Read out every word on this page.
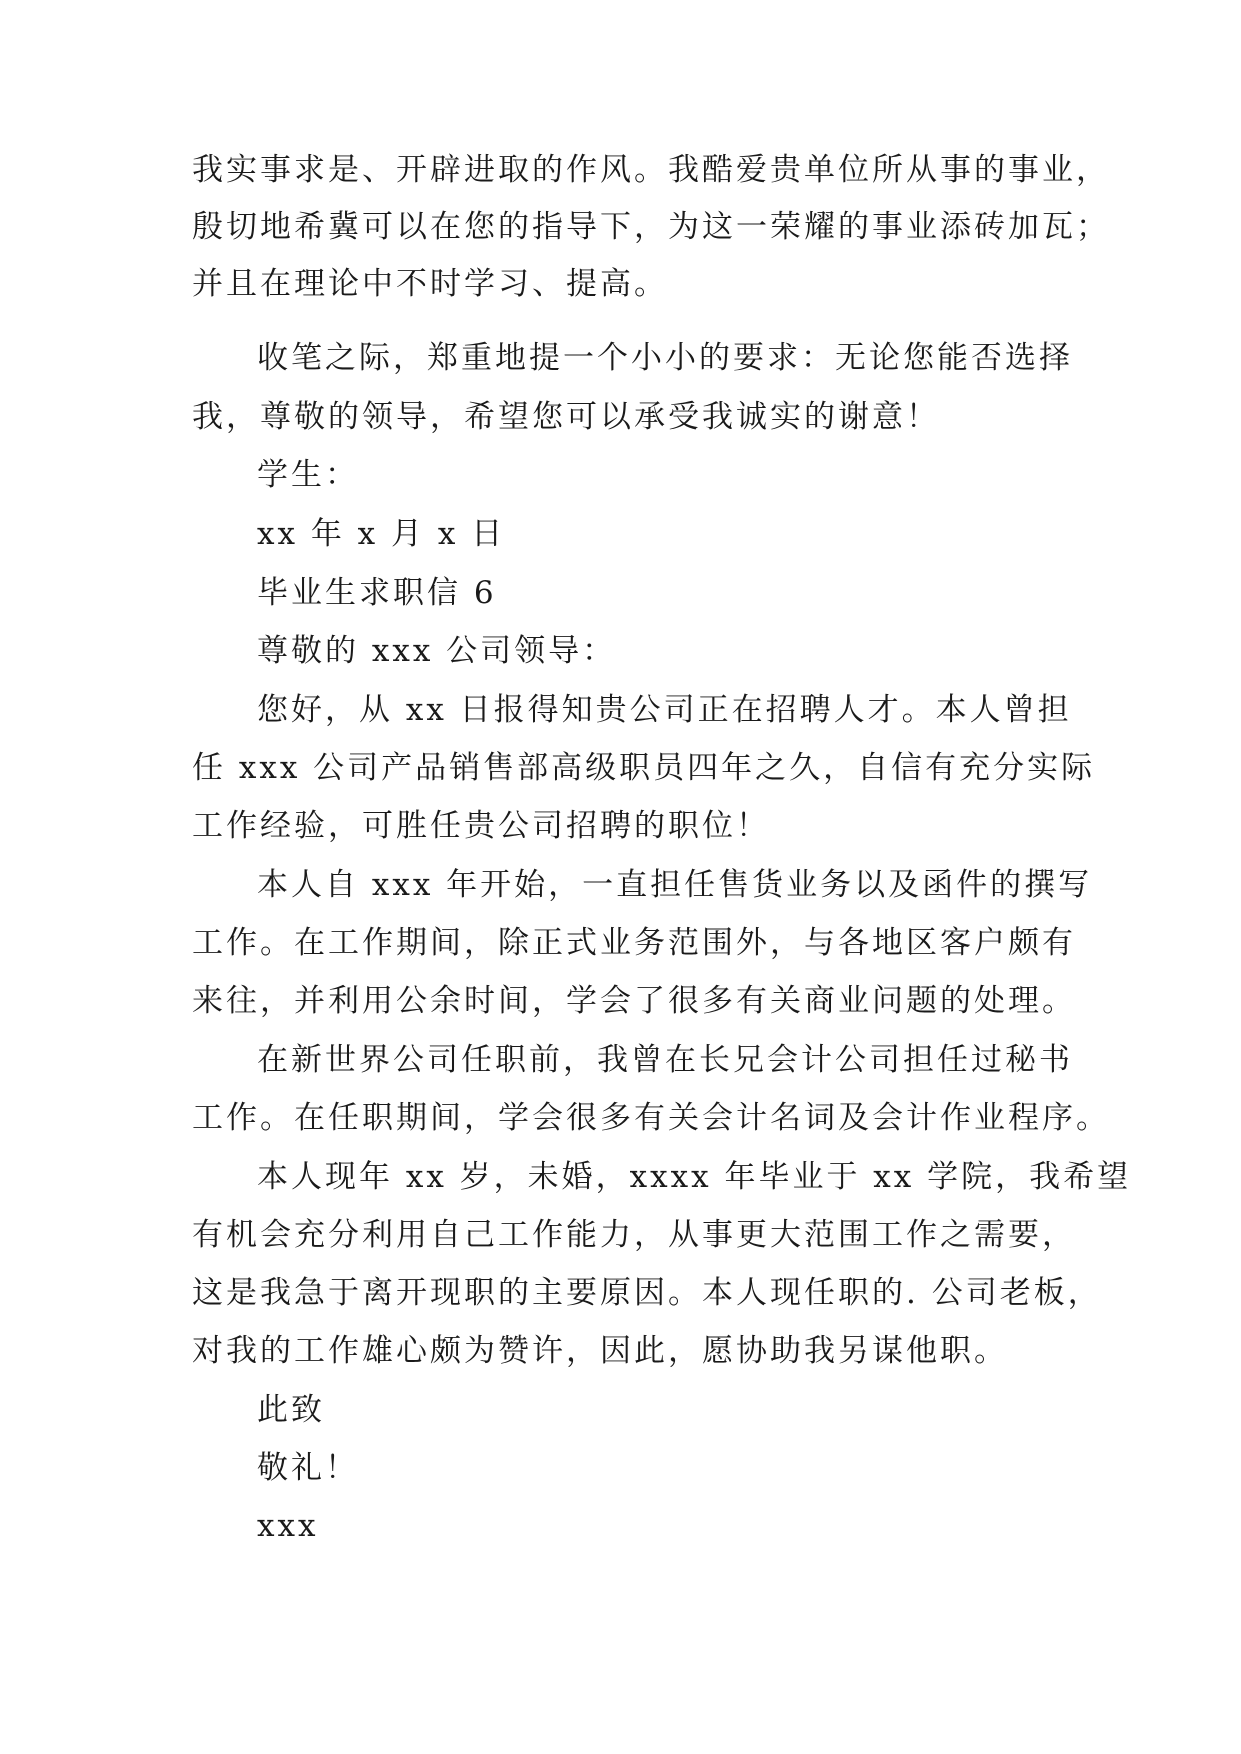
我实事求是、开辟进取的作风。我酷爱贵单位所从事的事业，
殷切地希冀可以在您的指导下，为这一荣耀的事业添砖加瓦；
并且在理论中不时学习、提高。
收笔之际，郑重地提一个小小的要求：无论您能否选择
我，尊敬的领导，希望您可以承受我诚实的谢意！
学生：
xx 年 x 月 x 日
毕业生求职信 6
尊敬的 xxx 公司领导：
您好，从 xx 日报得知贵公司正在招聘人才。本人曾担
任 xxx 公司产品销售部高级职员四年之久，自信有充分实际
工作经验，可胜任贵公司招聘的职位！
本人自 xxx 年开始，一直担任售货业务以及函件的撰写
工作。在工作期间，除正式业务范围外，与各地区客户颇有
来往，并利用公余时间，学会了很多有关商业问题的处理。
在新世界公司任职前，我曾在长兄会计公司担任过秘书
工作。在任职期间，学会很多有关会计名词及会计作业程序。
本人现年 xx 岁，未婚，xxxx 年毕业于 xx 学院，我希望
有机会充分利用自己工作能力，从事更大范围工作之需要，
这是我急于离开现职的主要原因。本人现任职的. 公司老板，
对我的工作雄心颇为赞许，因此，愿协助我另谋他职。
此致
敬礼！
xxx
